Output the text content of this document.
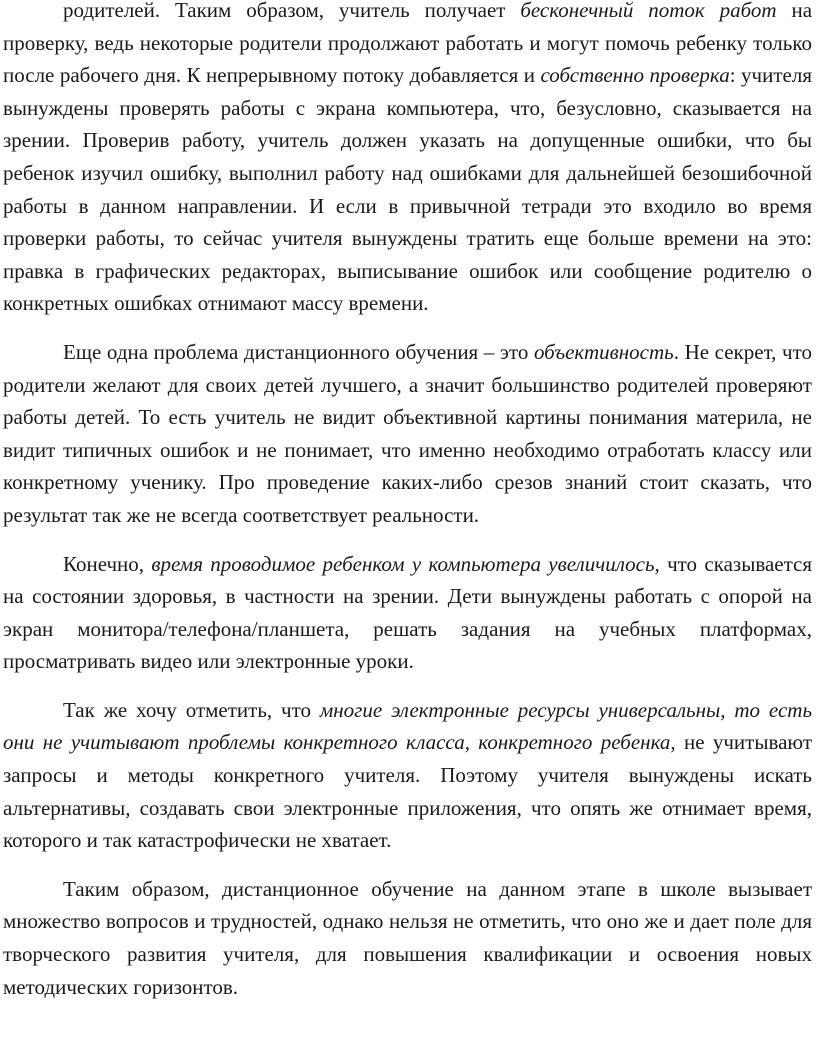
родителей. Таким образом, учитель получает бесконечный поток работ на проверку, ведь некоторые родители продолжают работать и могут помочь ребенку только после рабочего дня. К непрерывному потоку добавляется и собственно проверка: учителя вынуждены проверять работы с экрана компьютера, что, безусловно, сказывается на зрении. Проверив работу, учитель должен указать на допущенные ошибки, что бы ребенок изучил ошибку, выполнил работу над ошибками для дальнейшей безошибочной работы в данном направлении. И если в привычной тетради это входило во время проверки работы, то сейчас учителя вынуждены тратить еще больше времени на это: правка в графических редакторах, выписывание ошибок или сообщение родителю о конкретных ошибках отнимают массу времени.

Еще одна проблема дистанционного обучения – это объективность. Не секрет, что родители желают для своих детей лучшего, а значит большинство родителей проверяют работы детей. То есть учитель не видит объективной картины понимания материла, не видит типичных ошибок и не понимает, что именно необходимо отработать классу или конкретному ученику. Про проведение каких-либо срезов знаний стоит сказать, что результат так же не всегда соответствует реальности.

Конечно, время проводимое ребенком у компьютера увеличилось, что сказывается на состоянии здоровья, в частности на зрении. Дети вынуждены работать с опорой на экран монитора/телефона/планшета, решать задания на учебных платформах, просматривать видео или электронные уроки.

Так же хочу отметить, что многие электронные ресурсы универсальны, то есть они не учитывают проблемы конкретного класса, конкретного ребенка, не учитывают запросы и методы конкретного учителя. Поэтому учителя вынуждены искать альтернативы, создавать свои электронные приложения, что опять же отнимает время, которого и так катастрофически не хватает.

Таким образом, дистанционное обучение на данном этапе в школе вызывает множество вопросов и трудностей, однако нельзя не отметить, что оно же и дает поле для творческого развития учителя, для повышения квалификации и освоения новых методических горизонтов.
